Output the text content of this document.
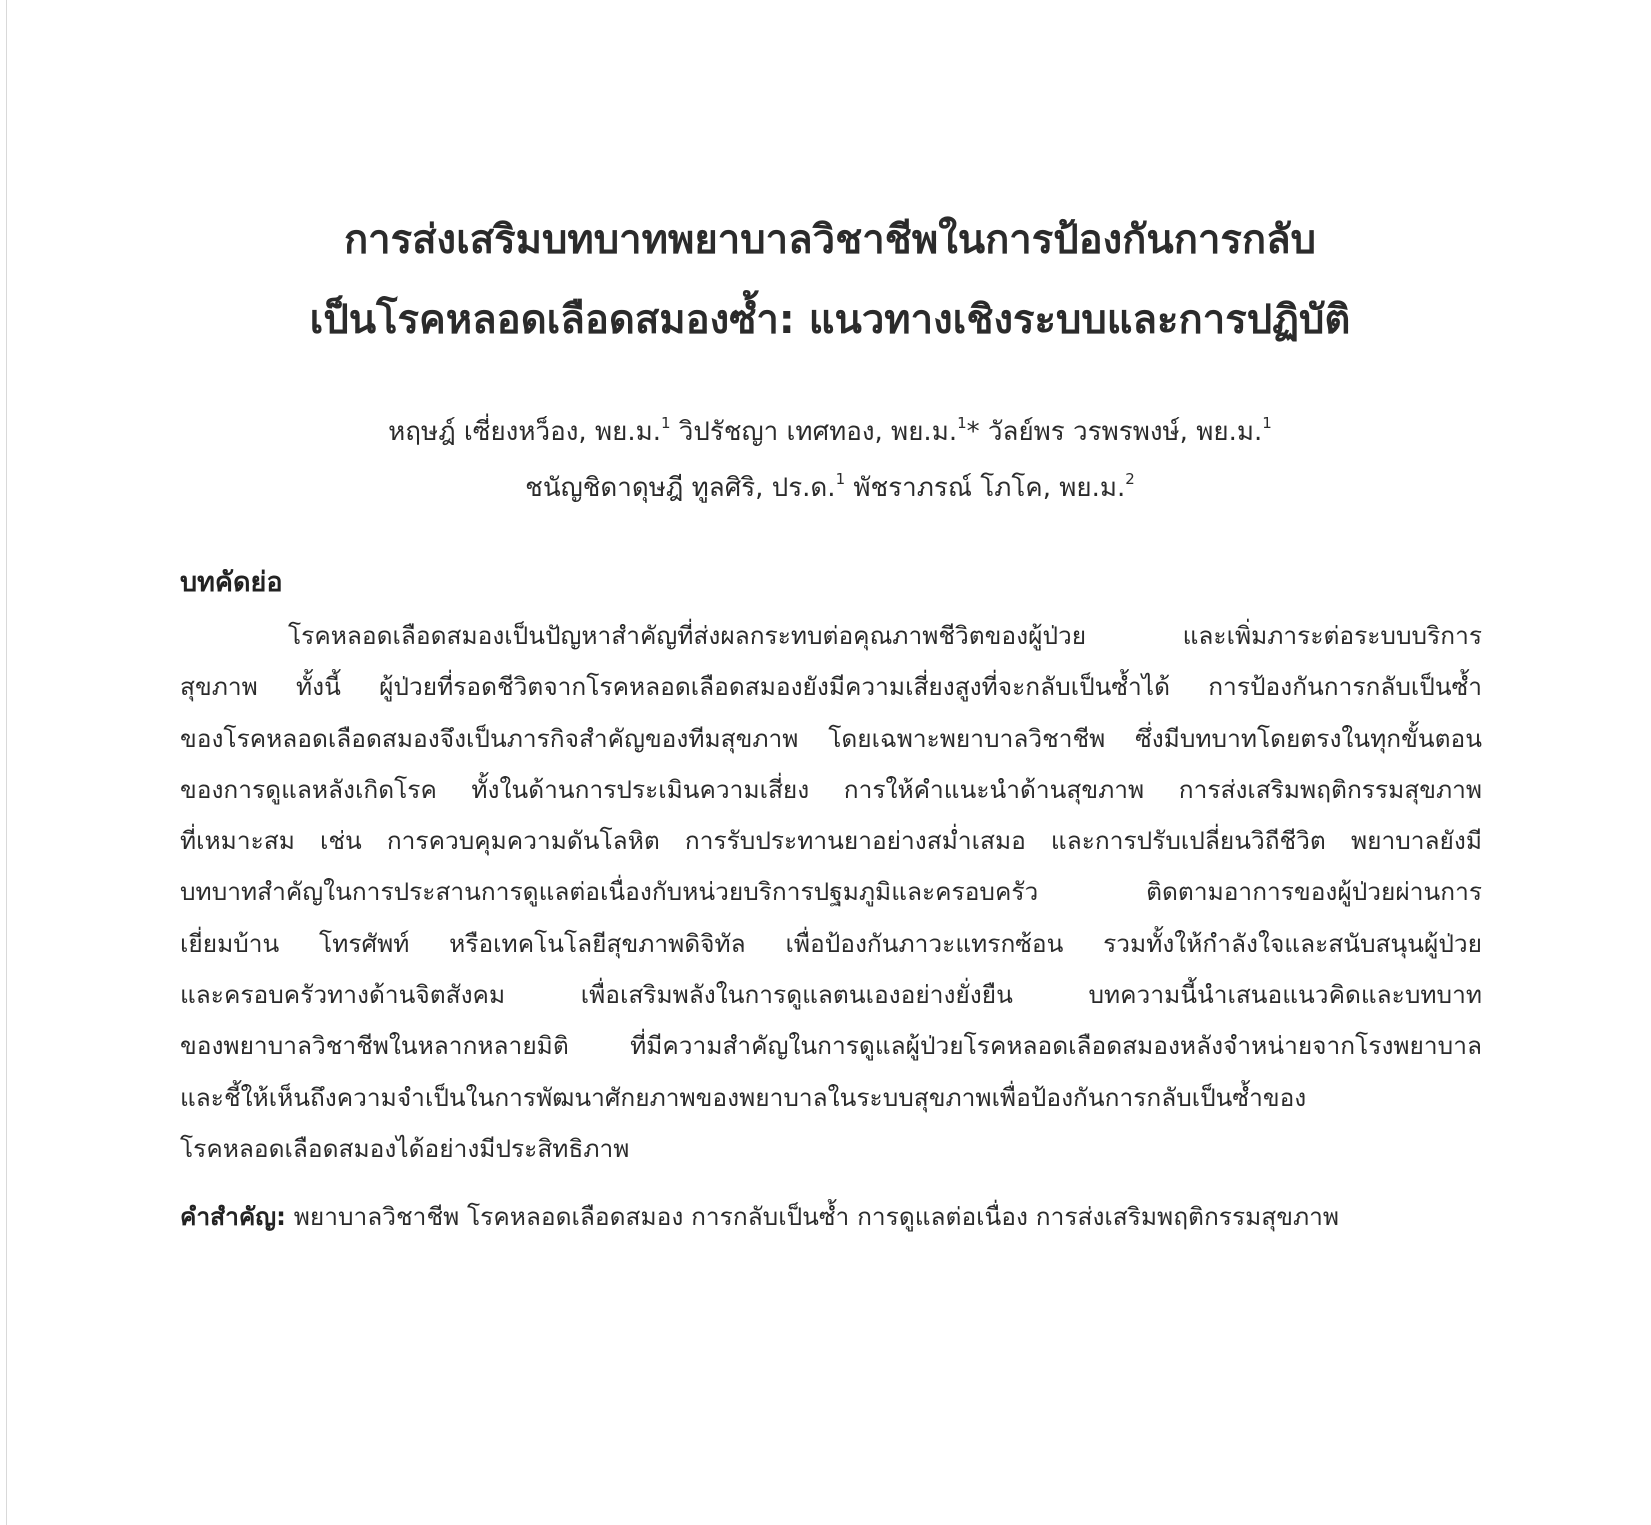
การส่งเสริมบทบาทพยาบาลวิชาชีพในการป้องกันการกลับ
เป็นโรคหลอดเลือดสมองซ้ำ: แนวทางเชิงระบบและการปฏิบัติ
หฤษฎ์ เซี่ยงหว็อง, พย.ม.$^1$ วิปรัชญา เทศทอง, พย.ม.$^1$* วัลย์พร วรพรพงษ์, พย.ม.$^1$
ชนัญชิดาดุษฎี ทูลศิริ, ปร.ด.$^1$ พัชราภรณ์ โภโค, พย.ม.$^2$
บทคัดย่อ
โรคหลอดเลือดสมองเป็นปัญหาสำคัญที่ส่งผลกระทบต่อคุณภาพชีวิตของผู้ป่วย และเพิ่มภาระต่อระบบบริการ
สุขภาพ ทั้งนี้ ผู้ป่วยที่รอดชีวิตจากโรคหลอดเลือดสมองยังมีความเสี่ยงสูงที่จะกลับเป็นซ้ำได้ การป้องกันการกลับเป็นซ้ำ
ของโรคหลอดเลือดสมองจึงเป็นภารกิจสำคัญของทีมสุขภาพ โดยเฉพาะพยาบาลวิชาชีพ ซึ่งมีบทบาทโดยตรงในทุกขั้นตอน
ของการดูแลหลังเกิดโรค ทั้งในด้านการประเมินความเสี่ยง การให้คำแนะนำด้านสุขภาพ การส่งเสริมพฤติกรรมสุขภาพ
ที่เหมาะสม เช่น การควบคุมความดันโลหิต การรับประทานยาอย่างสม่ำเสมอ และการปรับเปลี่ยนวิถีชีวิต พยาบาลยังมี
บทบาทสำคัญในการประสานการดูแลต่อเนื่องกับหน่วยบริการปฐมภูมิและครอบครัว ติดตามอาการของผู้ป่วยผ่านการ
เยี่ยมบ้าน โทรศัพท์ หรือเทคโนโลยีสุขภาพดิจิทัล เพื่อป้องกันภาวะแทรกซ้อน รวมทั้งให้กำลังใจและสนับสนุนผู้ป่วย
และครอบครัวทางด้านจิตสังคม เพื่อเสริมพลังในการดูแลตนเองอย่างยั่งยืน บทความนี้นำเสนอแนวคิดและบทบาท
ของพยาบาลวิชาชีพในหลากหลายมิติ ที่มีความสำคัญในการดูแลผู้ป่วยโรคหลอดเลือดสมองหลังจำหน่ายจากโรงพยาบาล
และชี้ให้เห็นถึงความจำเป็นในการพัฒนาศักยภาพของพยาบาลในระบบสุขภาพเพื่อป้องกันการกลับเป็นซ้ำของ
โรคหลอดเลือดสมองได้อย่างมีประสิทธิภาพ

คำสำคัญ: พยาบาลวิชาชีพ โรคหลอดเลือดสมอง การกลับเป็นซ้ำ การดูแลต่อเนื่อง การส่งเสริมพฤติกรรมสุขภาพ
